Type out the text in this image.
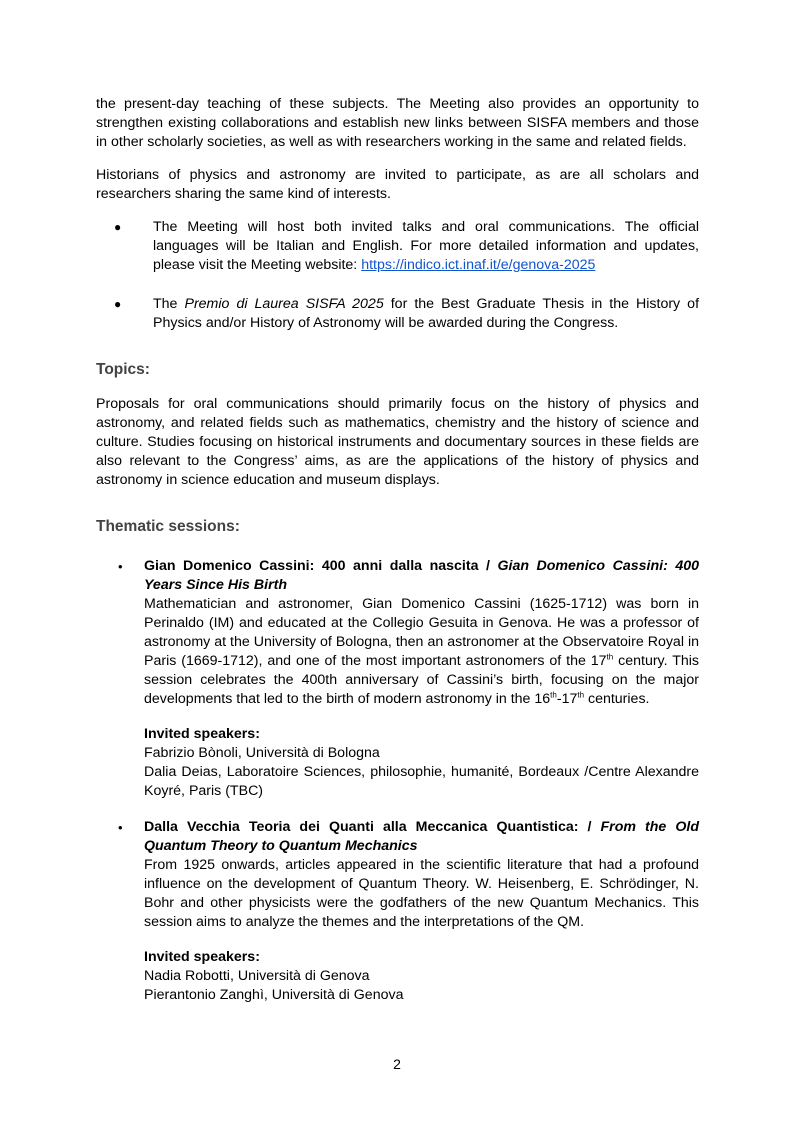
the present-day teaching of these subjects. The Meeting also provides an opportunity to strengthen existing collaborations and establish new links between SISFA members and those in other scholarly societies, as well as with researchers working in the same and related fields.

Historians of physics and astronomy are invited to participate, as are all scholars and researchers sharing the same kind of interests.

● The Meeting will host both invited talks and oral communications. The official languages will be Italian and English. For more detailed information and updates, please visit the Meeting website: https://indico.ict.inaf.it/e/genova-2025
● The Premio di Laurea SISFA 2025 for the Best Graduate Thesis in the History of Physics and/or History of Astronomy will be awarded during the Congress.
Topics:

Proposals for oral communications should primarily focus on the history of physics and astronomy, and related fields such as mathematics, chemistry and the history of science and culture. Studies focusing on historical instruments and documentary sources in these fields are also relevant to the Congress’ aims, as are the applications of the history of physics and astronomy in science education and museum displays.

Thematic sessions:
• Gian Domenico Cassini: 400 anni dalla nascita / Gian Domenico Cassini: 400 Years Since His Birth
Mathematician and astronomer, Gian Domenico Cassini (1625-1712) was born in Perinaldo (IM) and educated at the Collegio Gesuita in Genova. He was a professor of astronomy at the University of Bologna, then an astronomer at the Observatoire Royal in Paris (1669-1712), and one of the most important astronomers of the 17th century. This session celebrates the 400th anniversary of Cassini’s birth, focusing on the major developments that led to the birth of modern astronomy in the 16th-17th centuries.
Invited speakers:
Fabrizio Bònoli, Università di Bologna
Dalia Deias, Laboratoire Sciences, philosophie, humanité, Bordeaux /Centre Alexandre Koyré, Paris (TBC)
• Dalla Vecchia Teoria dei Quanti alla Meccanica Quantistica: / From the Old Quantum Theory to Quantum Mechanics
From 1925 onwards, articles appeared in the scientific literature that had a profound influence on the development of Quantum Theory. W. Heisenberg, E. Schrödinger, N. Bohr and other physicists were the godfathers of the new Quantum Mechanics. This session aims to analyze the themes and the interpretations of the QM.
Invited speakers:
Nadia Robotti, Università di Genova
Pierantonio Zanghì, Università di Genova
2
